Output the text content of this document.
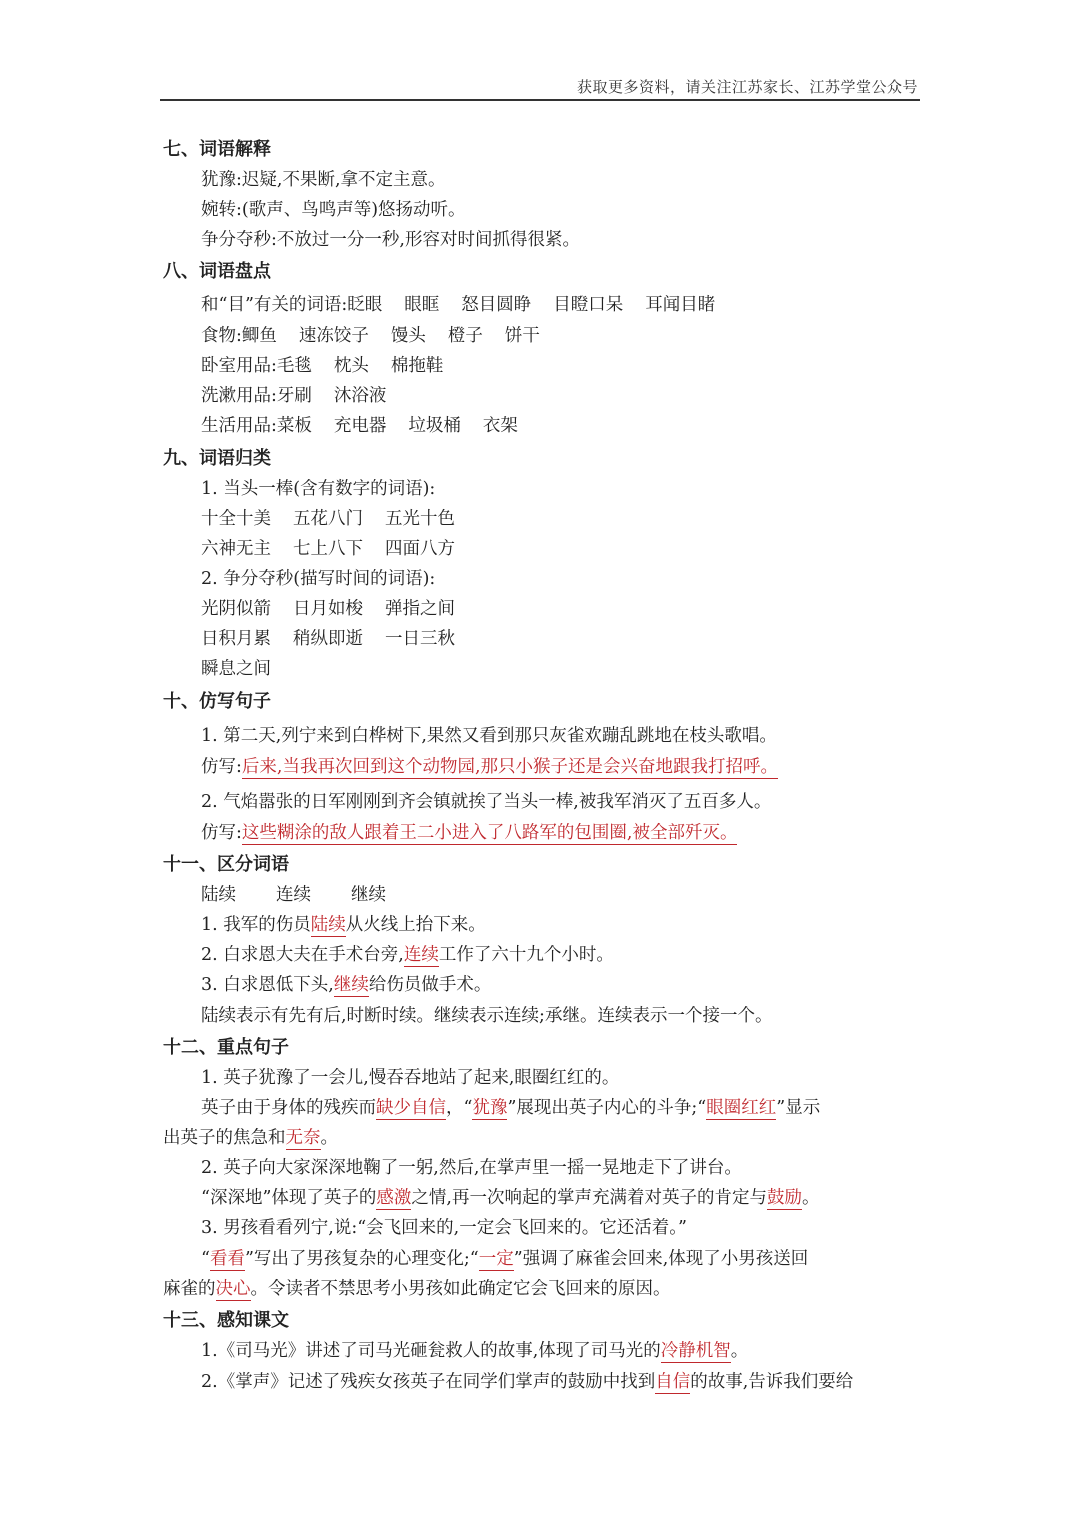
获取更多资料，请关注江苏家长、江苏学堂公众号
七、词语解释
犹豫:迟疑,不果断,拿不定主意。
婉转:(歌声、鸟鸣声等)悠扬动听。
争分夺秒:不放过一分一秒,形容对时间抓得很紧。
八、词语盘点
和“目”有关的词语:眨眼 眼眶 怒目圆睁 目瞪口呆 耳闻目睹
食物:鲫鱼 速冻饺子 馒头 橙子 饼干
卧室用品:毛毯 枕头 棉拖鞋
洗漱用品:牙刷 沐浴液
生活用品:菜板 充电器 垃圾桶 衣架
九、词语归类
1. 当头一棒(含有数字的词语):
十全十美 五花八门 五光十色
六神无主 七上八下 四面八方
2. 争分夺秒(描写时间的词语):
光阴似箭 日月如梭 弹指之间
日积月累 稍纵即逝 一日三秋
瞬息之间
十、仿写句子
1. 第二天,列宁来到白桦树下,果然又看到那只灰雀欢蹦乱跳地在枝头歌唱。
仿写:后来,当我再次回到这个动物园,那只小猴子还是会兴奋地跟我打招呼。
2. 气焰嚣张的日军刚刚到齐会镇就挨了当头一棒,被我军消灭了五百多人。
仿写:这些糊涂的敌人跟着王二小进入了八路军的包围圈,被全部歼灭。
十一、区分词语
陆续 连续 继续
1. 我军的伤员陆续从火线上抬下来。
2. 白求恩大夫在手术台旁,连续工作了六十九个小时。
3. 白求恩低下头,继续给伤员做手术。
陆续表示有先有后,时断时续。继续表示连续;承继。连续表示一个接一个。
十二、重点句子
1. 英子犹豫了一会儿,慢吞吞地站了起来,眼圈红红的。
英子由于身体的残疾而缺少自信，“犹豫”展现出英子内心的斗争;“眼圈红红”显示
出英子的焦急和无奈。
2. 英子向大家深深地鞠了一躬,然后,在掌声里一摇一晃地走下了讲台。
“深深地”体现了英子的感激之情,再一次响起的掌声充满着对英子的肯定与鼓励。
3. 男孩看看列宁,说:“会飞回来的,一定会飞回来的。它还活着。”
“看看”写出了男孩复杂的心理变化;“一定”强调了麻雀会回来,体现了小男孩送回
麻雀的决心。令读者不禁思考小男孩如此确定它会飞回来的原因。
十三、感知课文
1.《司马光》讲述了司马光砸瓮救人的故事,体现了司马光的冷静机智。
2.《掌声》记述了残疾女孩英子在同学们掌声的鼓励中找到自信的故事,告诉我们要给
